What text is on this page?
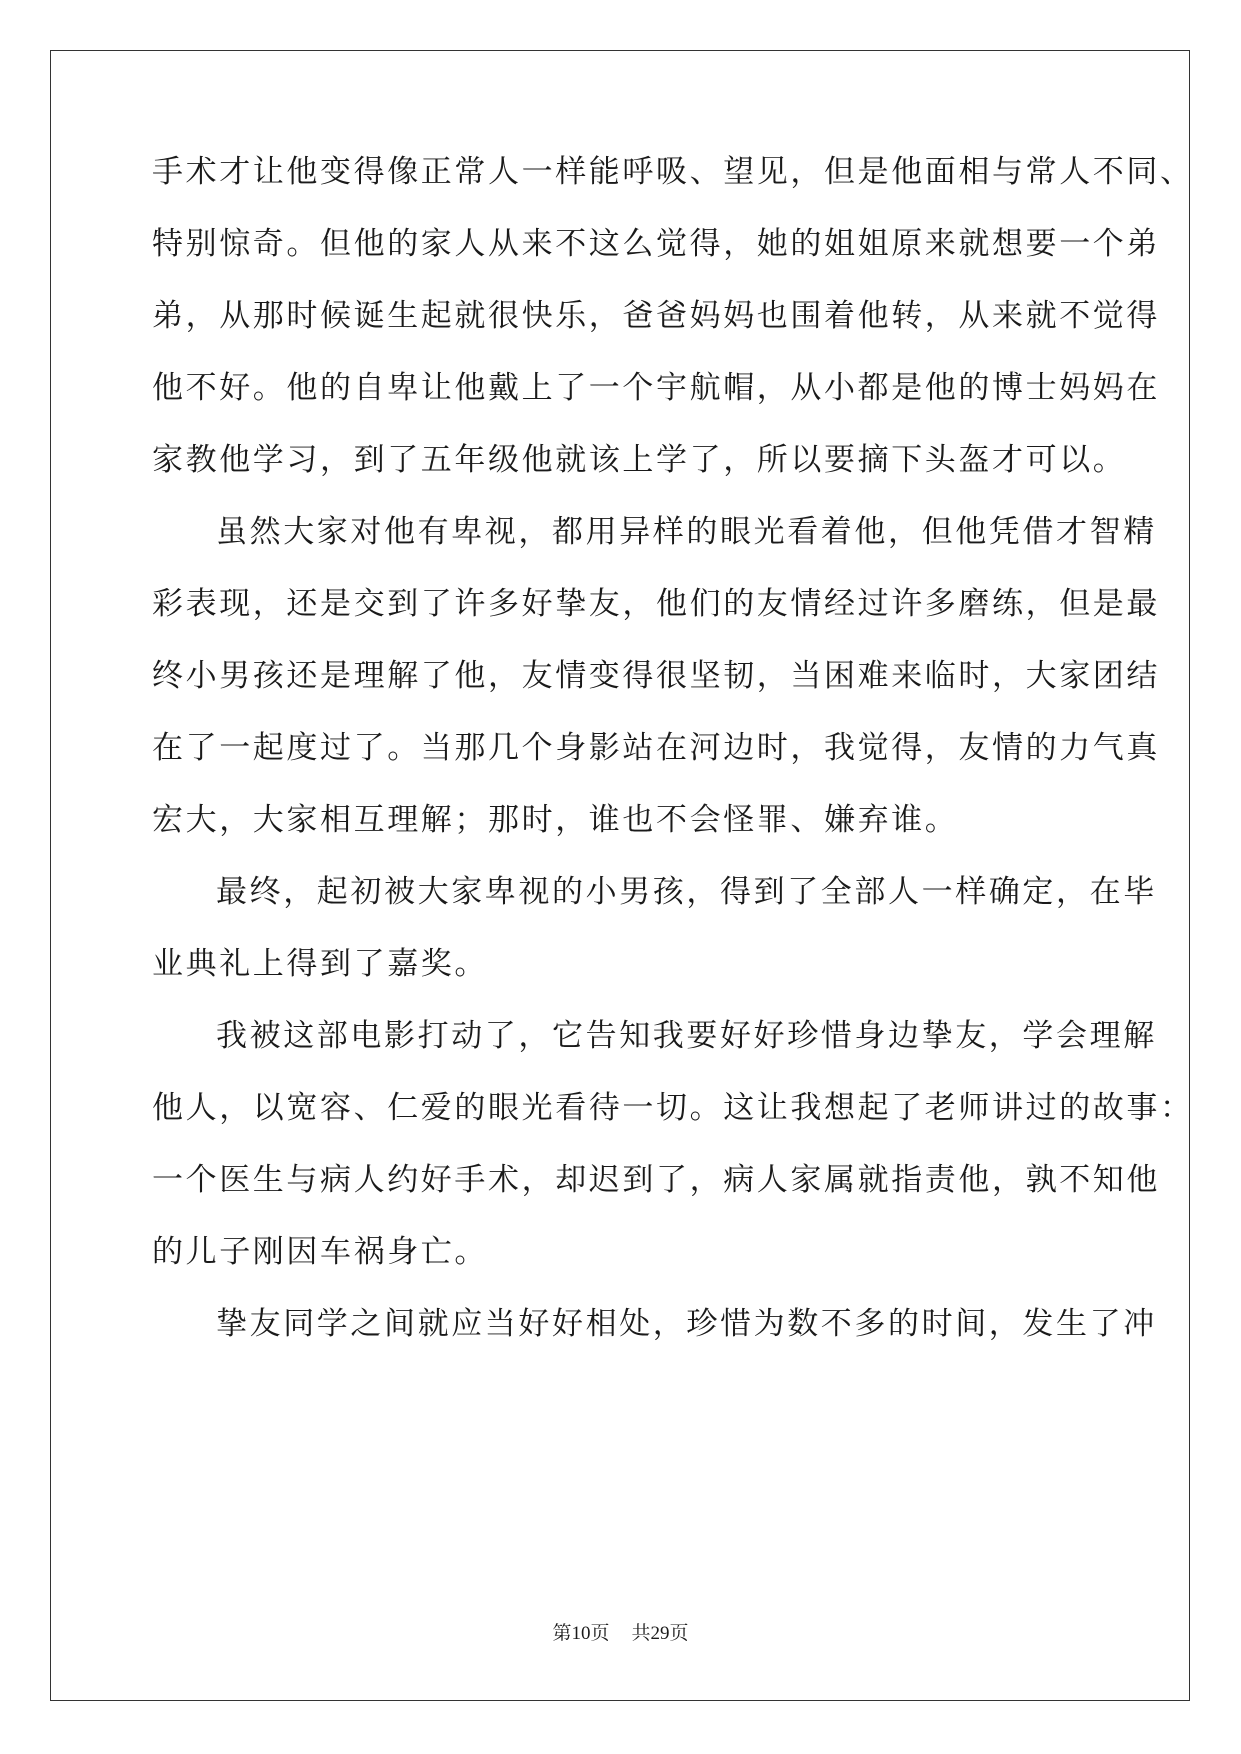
手术才让他变得像正常人一样能呼吸、望见，但是他面相与常人不同、
特别惊奇。但他的家人从来不这么觉得，她的姐姐原来就想要一个弟
弟，从那时候诞生起就很快乐，爸爸妈妈也围着他转，从来就不觉得
他不好。他的自卑让他戴上了一个宇航帽，从小都是他的博士妈妈在
家教他学习，到了五年级他就该上学了，所以要摘下头盔才可以。
虽然大家对他有卑视，都用异样的眼光看着他，但他凭借才智精
彩表现，还是交到了许多好挚友，他们的友情经过许多磨练，但是最
终小男孩还是理解了他，友情变得很坚韧，当困难来临时，大家团结
在了一起度过了。当那几个身影站在河边时，我觉得，友情的力气真
宏大，大家相互理解；那时，谁也不会怪罪、嫌弃谁。
最终，起初被大家卑视的小男孩，得到了全部人一样确定，在毕
业典礼上得到了嘉奖。
我被这部电影打动了，它告知我要好好珍惜身边挚友，学会理解
他人，以宽容、仁爱的眼光看待一切。这让我想起了老师讲过的故事：
一个医生与病人约好手术，却迟到了，病人家属就指责他，孰不知他
的儿子刚因车祸身亡。
挚友同学之间就应当好好相处，珍惜为数不多的时间，发生了冲
第10页 共29页
